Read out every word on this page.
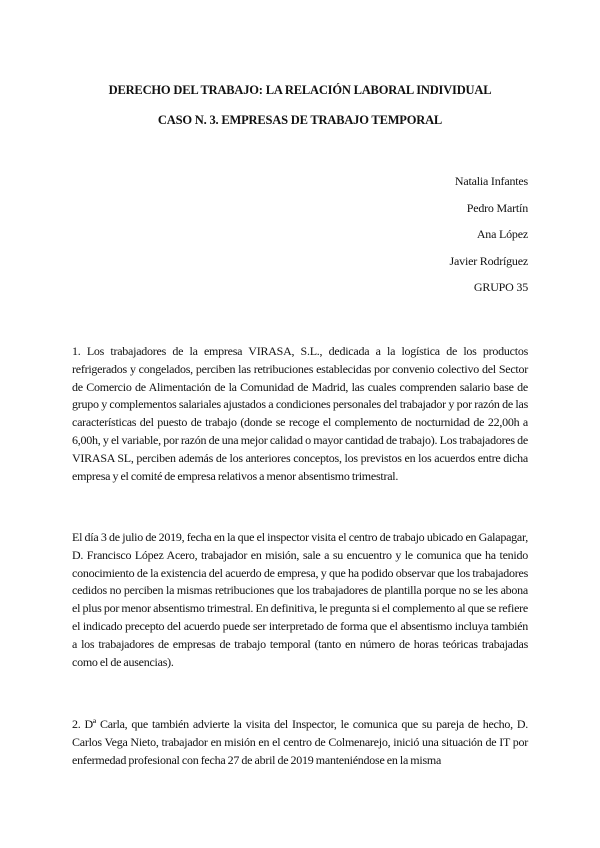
DERECHO DEL TRABAJO: LA RELACIÓN LABORAL INDIVIDUAL
CASO N. 3. EMPRESAS DE TRABAJO TEMPORAL
Natalia Infantes
Pedro Martín
Ana López
Javier Rodríguez
GRUPO 35
1. Los trabajadores de la empresa VIRASA, S.L., dedicada a la logística de los productos refrigerados y congelados, perciben las retribuciones establecidas por convenio colectivo del Sector de Comercio de Alimentación de la Comunidad de Madrid, las cuales comprenden salario base de grupo y complementos salariales ajustados a condiciones personales del trabajador y por razón de las características del puesto de trabajo (donde se recoge el complemento de nocturnidad de 22,00h a 6,00h, y el variable, por razón de una mejor calidad o mayor cantidad de trabajo). Los trabajadores de VIRASA SL, perciben además de los anteriores conceptos, los previstos en los acuerdos entre dicha empresa y el comité de empresa relativos a menor absentismo trimestral.
El día 3 de julio de 2019, fecha en la que el inspector visita el centro de trabajo ubicado en Galapagar, D. Francisco López Acero, trabajador en misión, sale a su encuentro y le comunica que ha tenido conocimiento de la existencia del acuerdo de empresa, y que ha podido observar que los trabajadores cedidos no perciben la mismas retribuciones que los trabajadores de plantilla porque no se les abona el plus por menor absentismo trimestral. En definitiva, le pregunta si el complemento al que se refiere el indicado precepto del acuerdo puede ser interpretado de forma que el absentismo incluya también a los trabajadores de empresas de trabajo temporal (tanto en número de horas teóricas trabajadas como el de ausencias).
2. Dª Carla, que también advierte la visita del Inspector, le comunica que su pareja de hecho, D. Carlos Vega Nieto, trabajador en misión en el centro de Colmenarejo, inició una situación de IT por enfermedad profesional con fecha 27 de abril de 2019 manteniéndose en la misma
